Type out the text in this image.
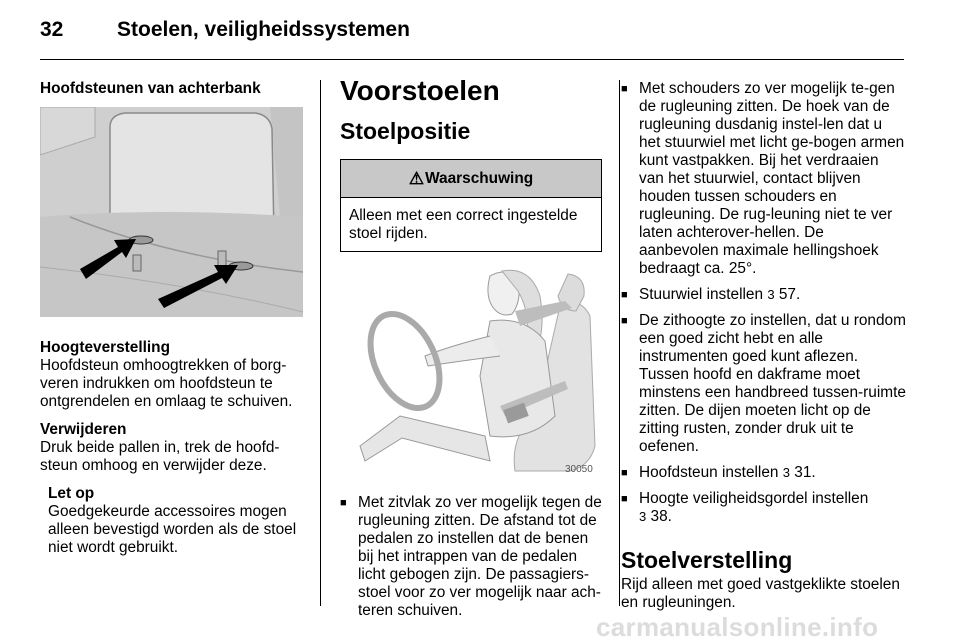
32	Stoelen, veiligheidssystemen

Hoofdsteunen van achterbank

Hoogteverstelling

Hoofdsteun omhoogtrekken of borg-veren indrukken om hoofdsteun te ontgrendelen en omlaag te schuiven.

Verwijderen

Druk beide pallen in, trek de hoofd-steun omhoog en verwijder deze.

Let op

Goedgekeurde accessoires mogen alleen bevestigd worden als de stoel niet wordt gebruikt.

Voorstoelen

Stoelpositie

⚠ Waarschuwing

Alleen met een correct ingestelde stoel rijden.

30050
■ Met zitvlak zo ver mogelijk tegen de rugleuning zitten. De afstand tot de pedalen zo instellen dat de benen bij het intrappen van de pedalen licht gebogen zijn. De passagiers-stoel voor zo ver mogelijk naar ach-teren schuiven.
■ Met schouders zo ver mogelijk te-gen de rugleuning zitten. De hoek van de rugleuning dusdanig instel-len dat u het stuurwiel met licht ge-bogen armen kunt vastpakken. Bij het verdraaien van het stuurwiel, contact blijven houden tussen schouders en rugleuning. De rug-leuning niet te ver laten achterover-hellen. De aanbevolen maximale hellingshoek bedraagt ca. 25°.
■ Stuurwiel instellen 3 57.
■ De zithoogte zo instellen, dat u rondom een goed zicht hebt en alle instrumenten goed kunt aflezen. Tussen hoofd en dakframe moet minstens een handbreed tussen-ruimte zitten. De dijen moeten licht op de zitting rusten, zonder druk uit te oefenen.
■ Hoofdsteun instellen 3 31.
■ Hoogte veiligheidsgordel instellen
3 38.

Stoelverstelling

Rijd alleen met goed vastgeklikte stoelen en rugleuningen.

carmanualsonline.info
